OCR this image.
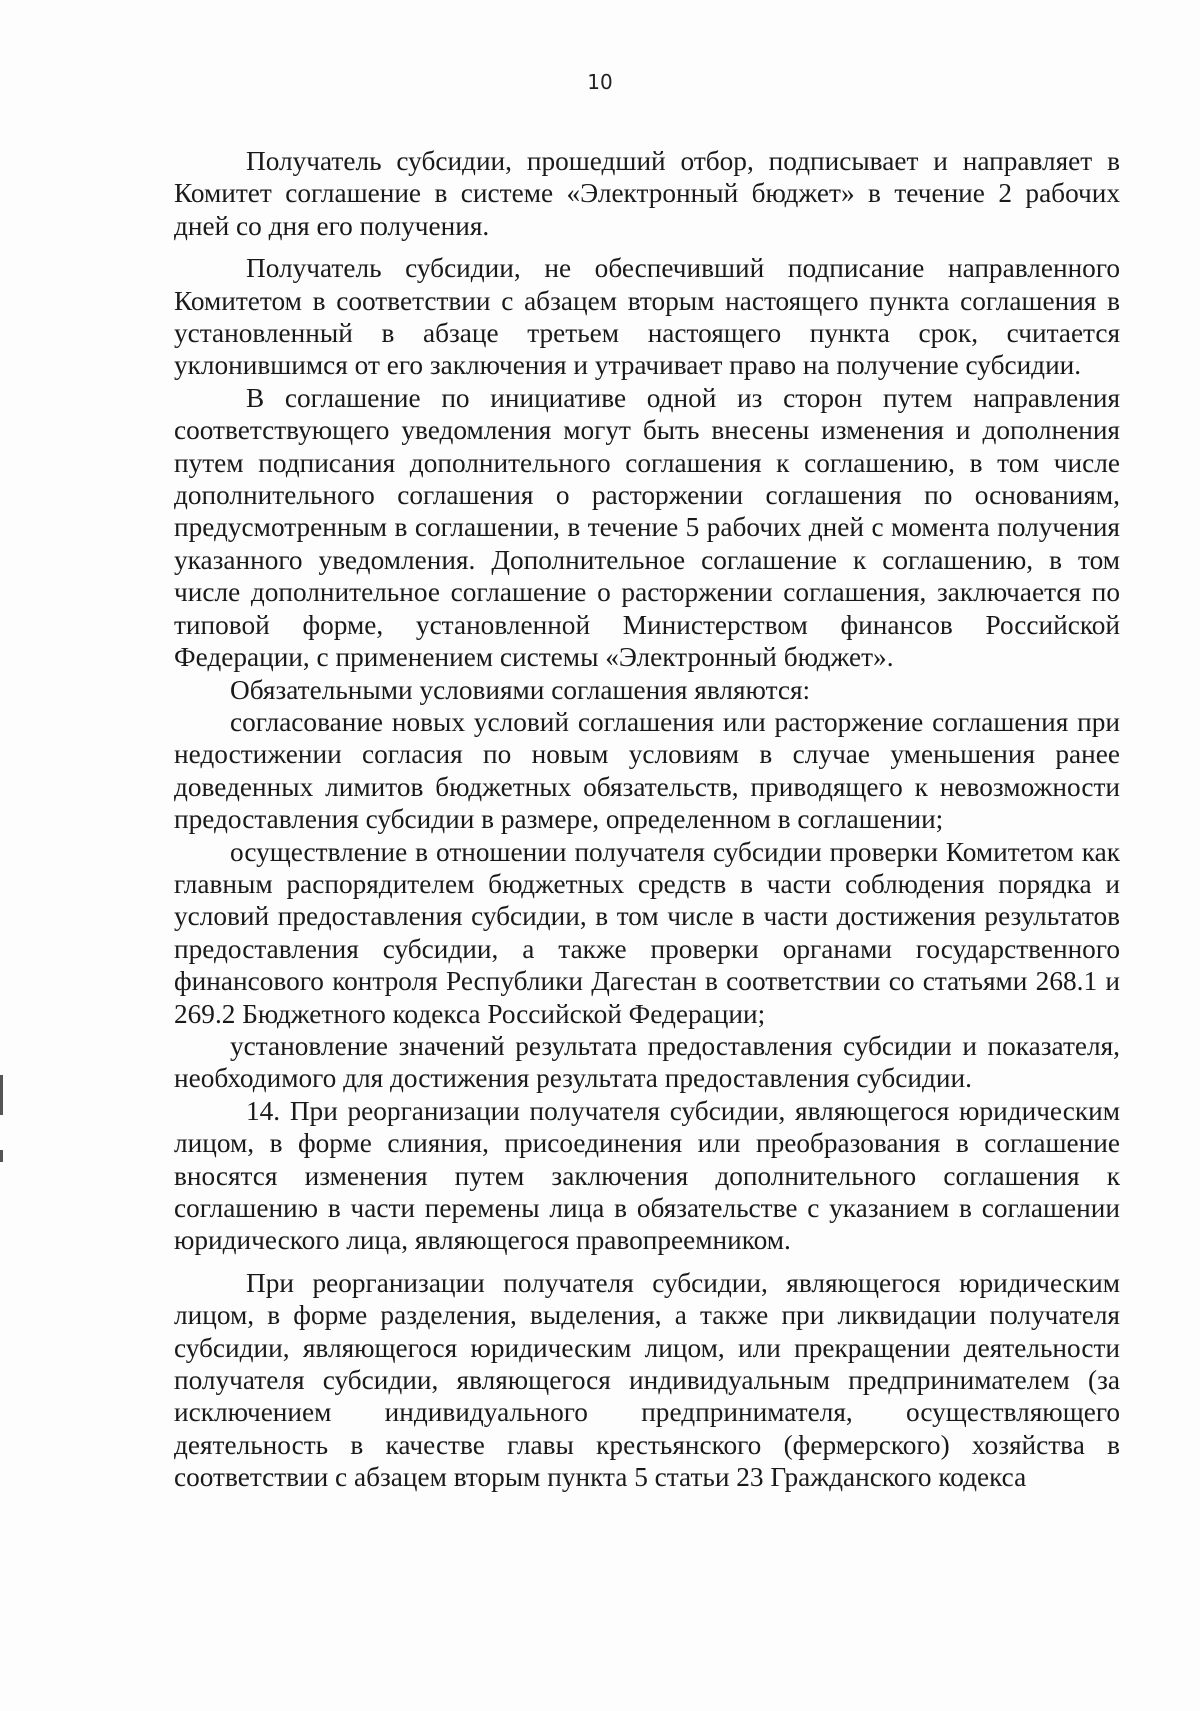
10

Получатель субсидии, прошедший отбор, подписывает и направляет в Комитет соглашение в системе «Электронный бюджет» в течение 2 рабочих дней со дня его получения.

Получатель субсидии, не обеспечивший подписание направленного Комитетом в соответствии с абзацем вторым настоящего пункта соглашения в установленный в абзаце третьем настоящего пункта срок, считается уклонившимся от его заключения и утрачивает право на получение субсидии.

В соглашение по инициативе одной из сторон путем направления соответствующего уведомления могут быть внесены изменения и дополнения путем подписания дополнительного соглашения к соглашению, в том числе дополнительного соглашения о расторжении соглашения по основаниям, предусмотренным в соглашении, в течение 5 рабочих дней с момента получения указанного уведомления. Дополнительное соглашение к соглашению, в том числе дополнительное соглашение о расторжении соглашения, заключается по типовой форме, установленной Министерством финансов Российской Федерации, с применением системы «Электронный бюджет».

Обязательными условиями соглашения являются:

согласование новых условий соглашения или расторжение соглашения при недостижении согласия по новым условиям в случае уменьшения ранее доведенных лимитов бюджетных обязательств, приводящего к невозможности предоставления субсидии в размере, определенном в соглашении;

осуществление в отношении получателя субсидии проверки Комитетом как главным распорядителем бюджетных средств в части соблюдения порядка и условий предоставления субсидии, в том числе в части достижения результатов предоставления субсидии, а также проверки органами государственного финансового контроля Республики Дагестан в соответствии со статьями 268.1 и 269.2 Бюджетного кодекса Российской Федерации;

установление значений результата предоставления субсидии и показателя, необходимого для достижения результата предоставления субсидии.

14. При реорганизации получателя субсидии, являющегося юридическим лицом, в форме слияния, присоединения или преобразования в соглашение вносятся изменения путем заключения дополнительного соглашения к соглашению в части перемены лица в обязательстве с указанием в соглашении юридического лица, являющегося правопреемником.

При реорганизации получателя субсидии, являющегося юридическим лицом, в форме разделения, выделения, а также при ликвидации получателя субсидии, являющегося юридическим лицом, или прекращении деятельности получателя субсидии, являющегося индивидуальным предпринимателем (за исключением индивидуального предпринимателя, осуществляющего деятельность в качестве главы крестьянского (фермерского) хозяйства в соответствии с абзацем вторым пункта 5 статьи 23 Гражданского кодекса
